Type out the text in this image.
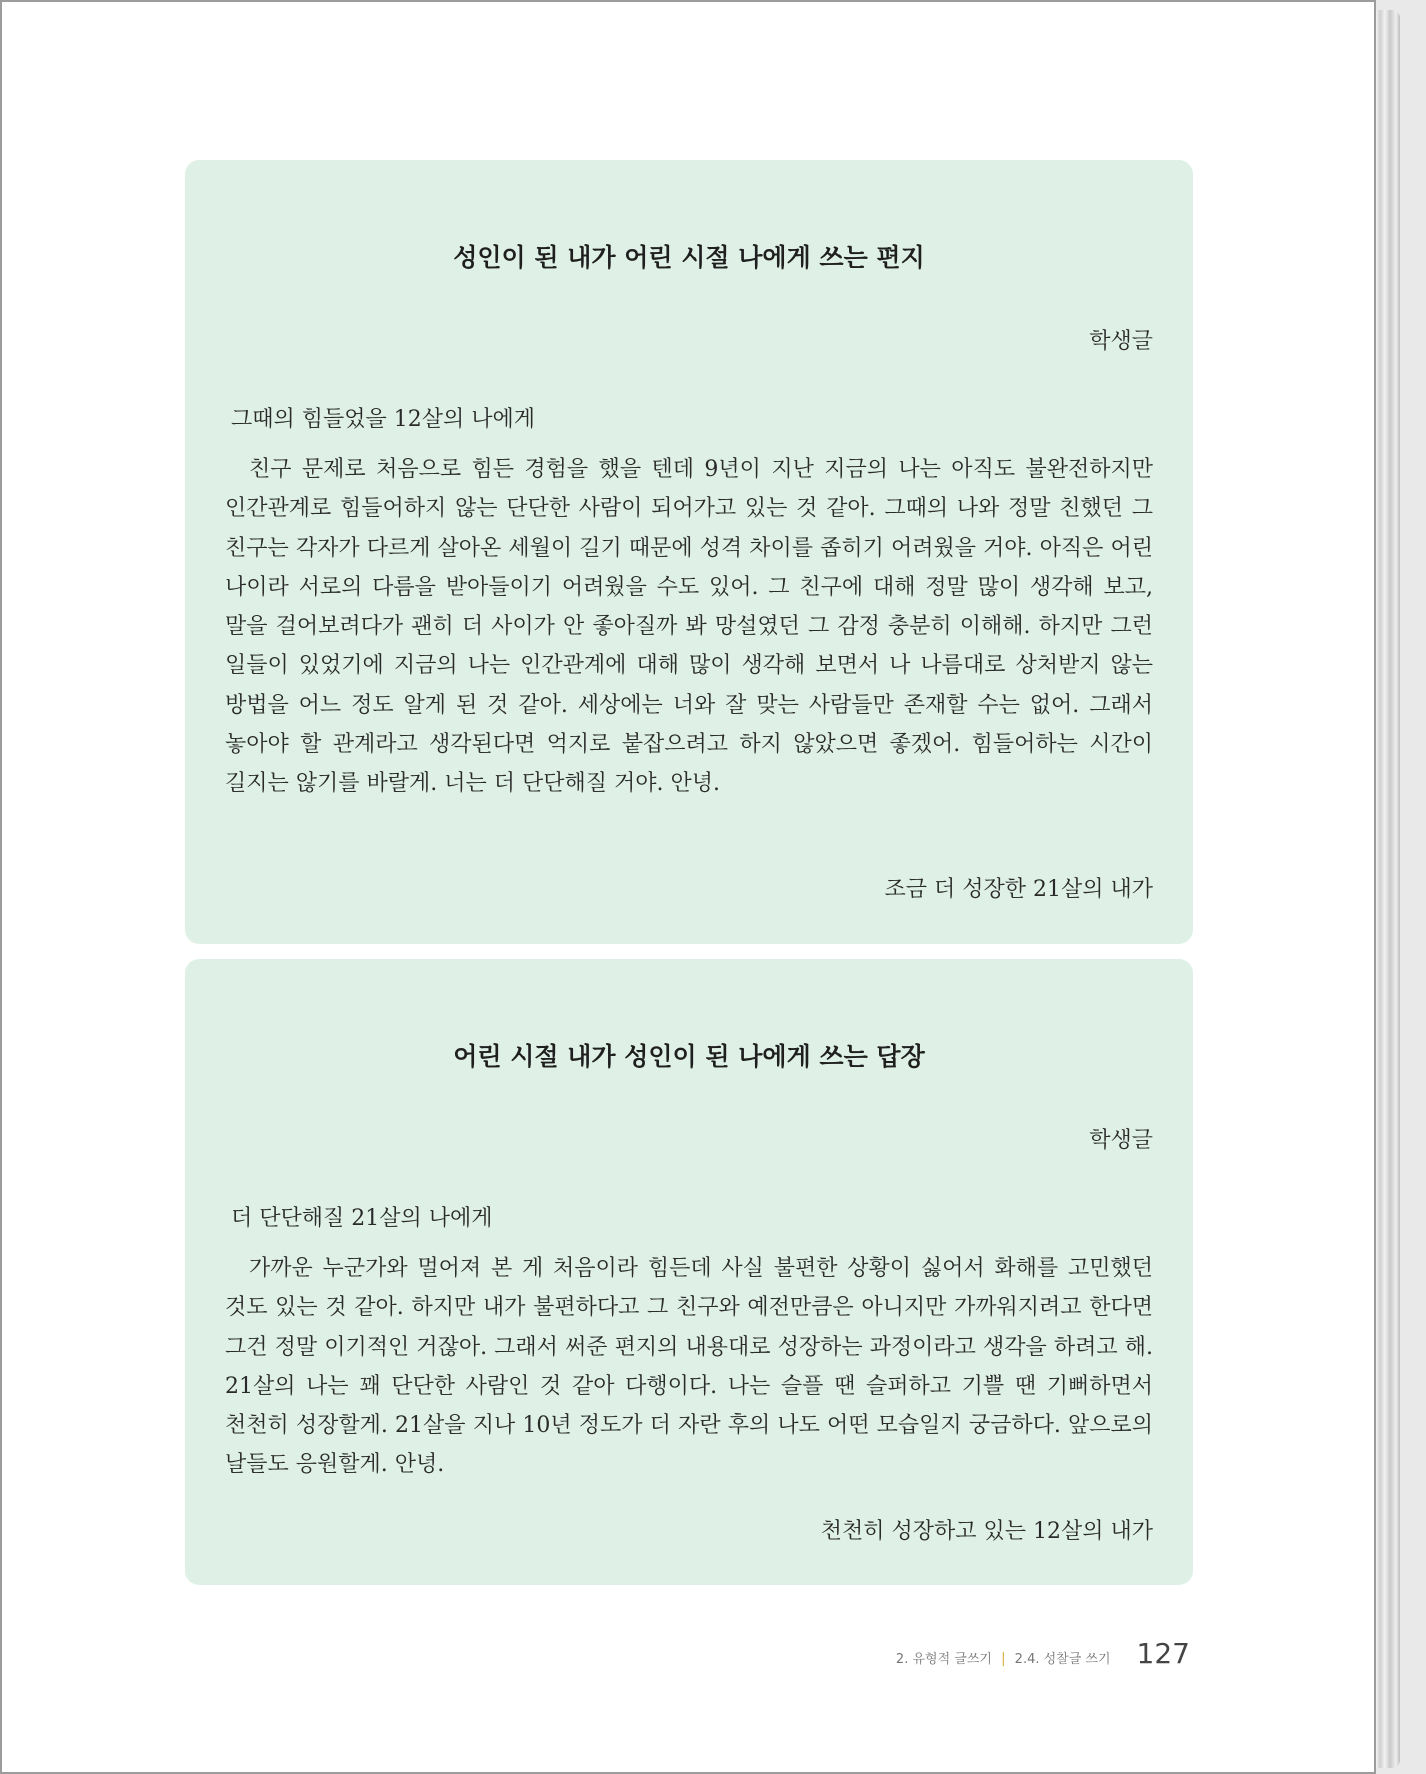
성인이 된 내가 어린 시절 나에게 쓰는 편지
학생글
그때의 힘들었을 12살의 나에게

친구 문제로 처음으로 힘든 경험을 했을 텐데 9년이 지난 지금의 나는 아직도 불완전하지만 인간관계로 힘들어하지 않는 단단한 사람이 되어가고 있는 것 같아. 그때의 나와 정말 친했던 그 친구는 각자가 다르게 살아온 세월이 길기 때문에 성격 차이를 좁히기 어려웠을 거야. 아직은 어린 나이라 서로의 다름을 받아들이기 어려웠을 수도 있어. 그 친구에 대해 정말 많이 생각해 보고, 말을 걸어보려다가 괜히 더 사이가 안 좋아질까 봐 망설였던 그 감정 충분히 이해해. 하지만 그런 일들이 있었기에 지금의 나는 인간관계에 대해 많이 생각해 보면서 나 나름대로 상처받지 않는 방법을 어느 정도 알게 된 것 같아. 세상에는 너와 잘 맞는 사람들만 존재할 수는 없어. 그래서 놓아야 할 관계라고 생각된다면 억지로 붙잡으려고 하지 않았으면 좋겠어. 힘들어하는 시간이 길지는 않기를 바랄게. 너는 더 단단해질 거야. 안녕.

조금 더 성장한 21살의 내가
어린 시절 내가 성인이 된 나에게 쓰는 답장
학생글
더 단단해질 21살의 나에게

가까운 누군가와 멀어져 본 게 처음이라 힘든데 사실 불편한 상황이 싫어서 화해를 고민했던 것도 있는 것 같아. 하지만 내가 불편하다고 그 친구와 예전만큼은 아니지만 가까워지려고 한다면 그건 정말 이기적인 거잖아. 그래서 써준 편지의 내용대로 성장하는 과정이라고 생각을 하려고 해. 21살의 나는 꽤 단단한 사람인 것 같아 다행이다. 나는 슬플 땐 슬퍼하고 기쁠 땐 기뻐하면서 천천히 성장할게. 21살을 지나 10년 정도가 더 자란 후의 나도 어떤 모습일지 궁금하다. 앞으로의 날들도 응원할게. 안녕.

천천히 성장하고 있는 12살의 내가
2. 유형적 글쓰기 | 2.4. 성찰글 쓰기 127
